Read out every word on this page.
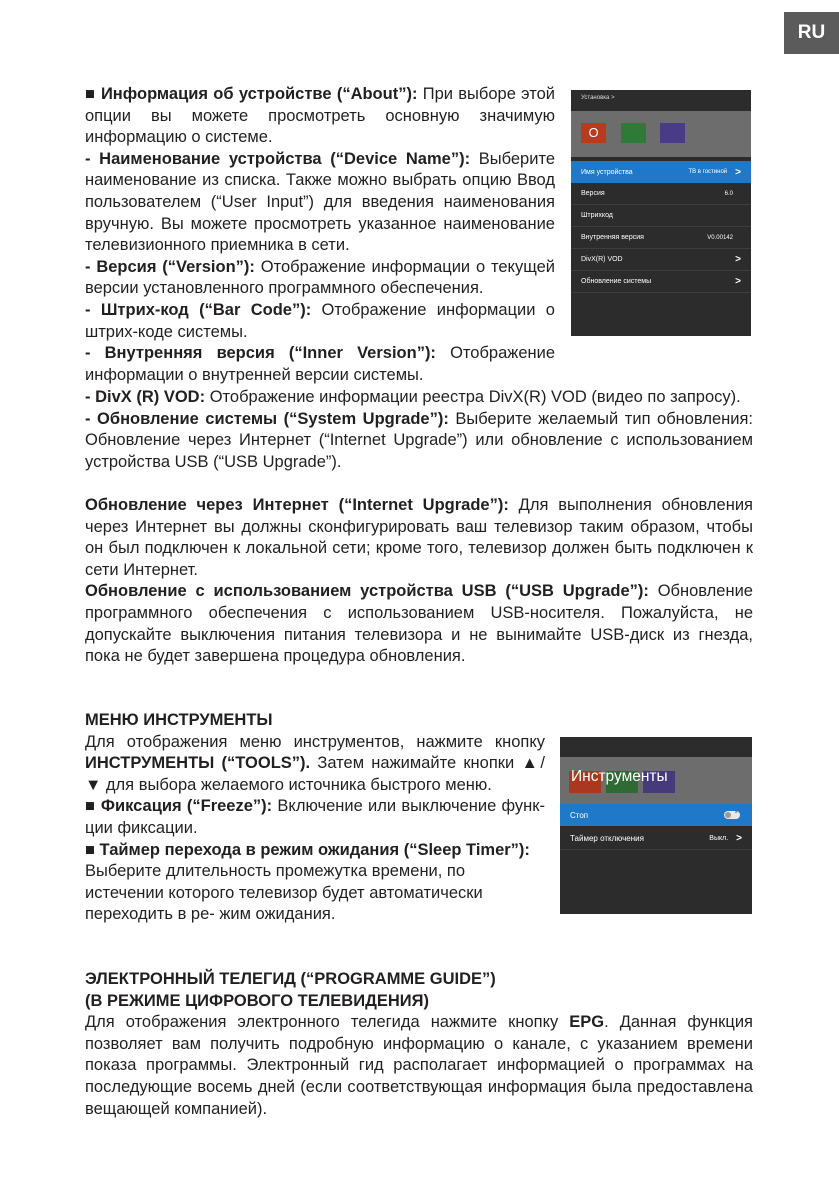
RU

■ Информация об устройстве (“About”): При выборе этой опции вы можете просмотреть основную значимую информацию о системе.

- Наименование устройства (“Device Name”): Выберите наименование из списка. Также можно выбрать опцию Ввод пользователем (“User Input”) для введения наименования вручную. Вы можете просмотреть указанное наименование телевизионного приемника в сети.

- Версия (“Version”): Отображение информации о текущей версии установленного программного обеспечения.

- Штрих-код (“Bar Code”): Отображение информации о штрих-коде системы.

- Внутренняя версия (“Inner Version”): Отображение информации о внутренней версии системы.

- DivX (R) VOD: Отображение информации реестра DivX(R) VOD (видео по запросу).

- Обновление системы (“System Upgrade”): Выберите желаемый тип обновления: Обновление через Интернет (“Internet Upgrade”) или обновление с использованием устройства USB (“USB Upgrade”).

Обновление через Интернет (“Internet Upgrade”): Для выполнения обновления через Интернет вы должны сконфигурировать ваш телевизор таким образом, чтобы он был подключен к локальной сети; кроме того, телевизор должен быть подключен к сети Интернет.

Обновление с использованием устройства USB (“USB Upgrade”): Обновление программного обеспечения с использованием USB-носителя. Пожалуйста, не допускайте выключения питания телевизора и не вынимайте USB-диск из гнезда, пока не будет завершена процедура обновления.

МЕНЮ ИНСТРУМЕНТЫ

Для отображения меню инструментов, нажмите кнопку ИНСТРУМЕНТЫ (“TOOLS”). Затем нажимайте кнопки ▲/▼ для выбора желаемого источника быстрого меню.

■ Фиксация (“Freeze”): Включение или выключение функ-ции фиксации.

■ Таймер перехода в режим ожидания (“Sleep Timer”):

Выберите длительность промежутка времени, по истечении которого телевизор будет автоматически переходить в ре- жим ожидания.

ЭЛЕКТРОННЫЙ ТЕЛЕГИД (“PROGRAMME GUIDE”)

(В РЕЖИМЕ ЦИФРОВОГО ТЕЛЕВИДЕНИЯ)

Для отображения электронного телегида нажмите кнопку EPG. Данная функция позволяет вам получить подробную информацию о канале, с указанием времени показа программы. Электронный гид располагает информацией о программах на последующие восемь дней (если соответствующая информация была предоставлена вещающей компанией).

Установка >
О
Имя устройства	ТВ в гостиной >
Версия	6.0
Штрихкод
Внутренняя версия	V0.00142
DivX(R) VOD	>
Обновление системы	>
Инструменты
Стоп	×
Таймер отключения	Выкл. >
